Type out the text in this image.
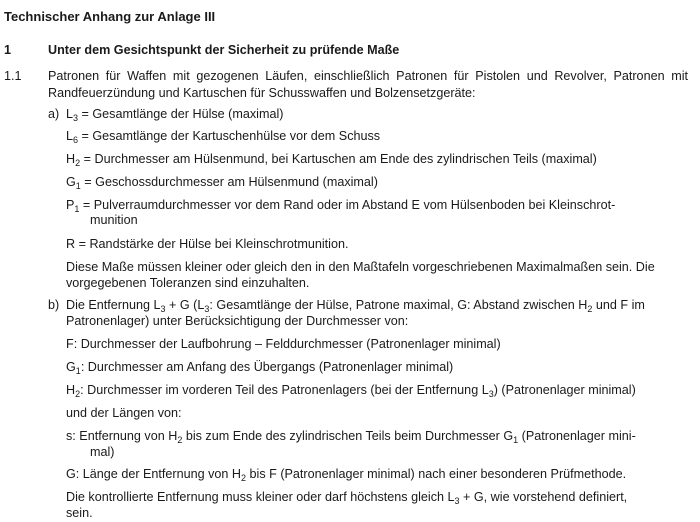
Technischer Anhang zur Anlage III
1	Unter dem Gesichtspunkt der Sicherheit zu prüfende Maße
1.1 Patronen für Waffen mit gezogenen Läufen, einschließlich Patronen für Pistolen und Revolver, Patronen mit Randfeuerzündung und Kartuschen für Schusswaffen und Bolzensetzgeräte:
a) $L_3$ = Gesamtlänge der Hülse (maximal)
$L_6$ = Gesamtlänge der Kartuschenhülse vor dem Schuss
$H_2$ = Durchmesser am Hülsenmund, bei Kartuschen am Ende des zylindrischen Teils (maximal)
$G_1$ = Geschossdurchmesser am Hülsenmund (maximal)
$P_1$ = Pulverraumdurchmesser vor dem Rand oder im Abstand E vom Hülsenboden bei Kleinschrot-
munition
R = Randstärke der Hülse bei Kleinschrotmunition.
Diese Maße müssen kleiner oder gleich den in den Maßtafeln vorgeschriebenen Maximalmaßen sein. Die
vorgegebenen Toleranzen sind einzuhalten.
b) Die Entfernung $L_3 + G$ ($L_3$: Gesamtlänge der Hülse, Patrone maximal, G: Abstand zwischen $H_2$ und F im
Patronenlager) unter Berücksichtigung der Durchmesser von:
F: Durchmesser der Laufbohrung – Felddurchmesser (Patronenlager minimal)
$G_1$: Durchmesser am Anfang des Übergangs (Patronenlager minimal)
$H_2$: Durchmesser im vorderen Teil des Patronenlagers (bei der Entfernung $L_3$) (Patronenlager minimal)
und der Längen von:
s: Entfernung von $H_2$ bis zum Ende des zylindrischen Teils beim Durchmesser $G_1$ (Patronenlager mini-
mal)
G: Länge der Entfernung von $H_2$ bis F (Patronenlager minimal) nach einer besonderen Prüfmethode.
Die kontrollierte Entfernung muss kleiner oder darf höchstens gleich $L_3 + G$, wie vorstehend definiert,
sein.
